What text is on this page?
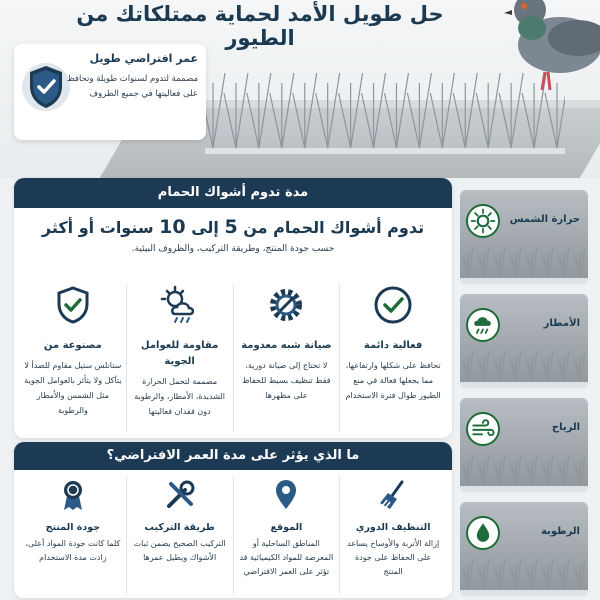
حل طويل الأمد لحماية ممتلكاتك من الطيور
عمر افتراضي طويل
مصممة لتدوم لسنوات طويلة وتحافظ على فعاليتها في جميع الظروف
مدة تدوم أشواك الحمام
تدوم أشواك الحمام من 5 إلى 10 سنوات أو أكثر
حسب جودة المنتج، وطريقة التركيب، والظروف البيئية.
فعالية دائمة
تحافظ على شكلها وارتفاعها، مما يجعلها فعالة في منع الطيور طوال فترة الاستخدام
صيانة شبه معدومة
لا تحتاج إلى صيانة دورية، فقط تنظيف بسيط للحفاظ على مظهرها
مقاومة للعوامل الجوية
مصممة لتحمل الحرارة الشديدة، الأمطار، والرطوبة دون فقدان فعاليتها
مصنوعة من
ستانلس ستيل مقاوم للصدأ لا يتآكل ولا يتأثر بالعوامل الجوية مثل الشمس والأمطار والرطوبة
ما الذي يؤثر على مدة العمر الافتراضي؟
التنظيف الدوري
إزالة الأتربة والأوساخ يساعد على الحفاظ على جودة المنتج
الموقع
المناطق الساحلية أو المعرضة للمواد الكيميائية قد تؤثر على العمر الافتراضي
طريقة التركيب
التركيب الصحيح يضمن ثبات الأشواك ويطيل عمرها
جودة المنتج
كلما كانت جودة المواد أعلى، زادت مدة الاستخدام
حرارة الشمس
الأمطار
الرياح
الرطوبة
